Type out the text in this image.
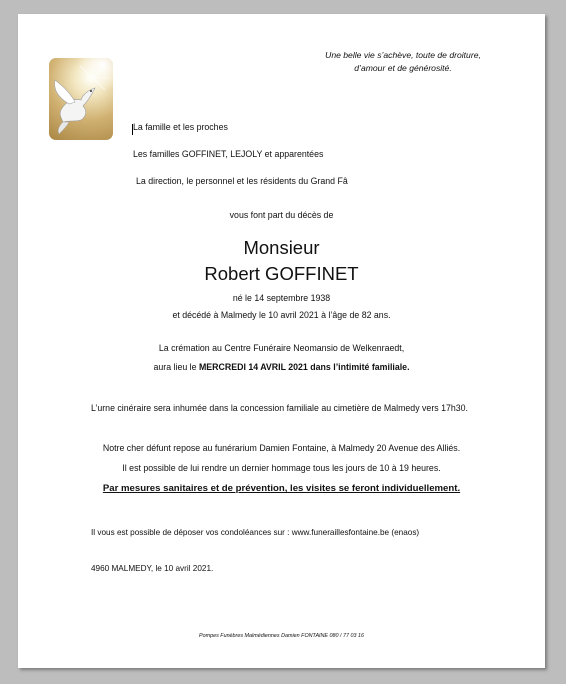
Une belle vie s’achève, toute de droiture,
d’amour et de générosité.
La famille et les proches
Les familles GOFFINET, LEJOLY et apparentées
La direction, le personnel et les résidents du Grand Fâ
vous font part du décès de
Monsieur
Robert GOFFINET
né le 14 septembre 1938
et décédé à Malmedy le 10 avril 2021 à l’âge de 82 ans.
La crémation au Centre Funéraire Neomansio de Welkenraedt,
aura lieu le MERCREDI 14 AVRIL 2021 dans l’intimité familiale.
L’urne cinéraire sera inhumée dans la concession familiale au cimetière de Malmedy vers 17h30.
Notre cher défunt repose au funérarium Damien Fontaine, à Malmedy 20 Avenue des Alliés.
Il est possible de lui rendre un dernier hommage tous les jours de 10 à 19 heures.
Par mesures sanitaires et de prévention, les visites se feront individuellement.
Il vous est possible de déposer vos condoléances sur : www.funeraillesfontaine.be (enaos)
4960 MALMEDY, le 10 avril 2021.
Pompes Funèbres Malmédiennes Damien FONTAINE 080 / 77 03 16
